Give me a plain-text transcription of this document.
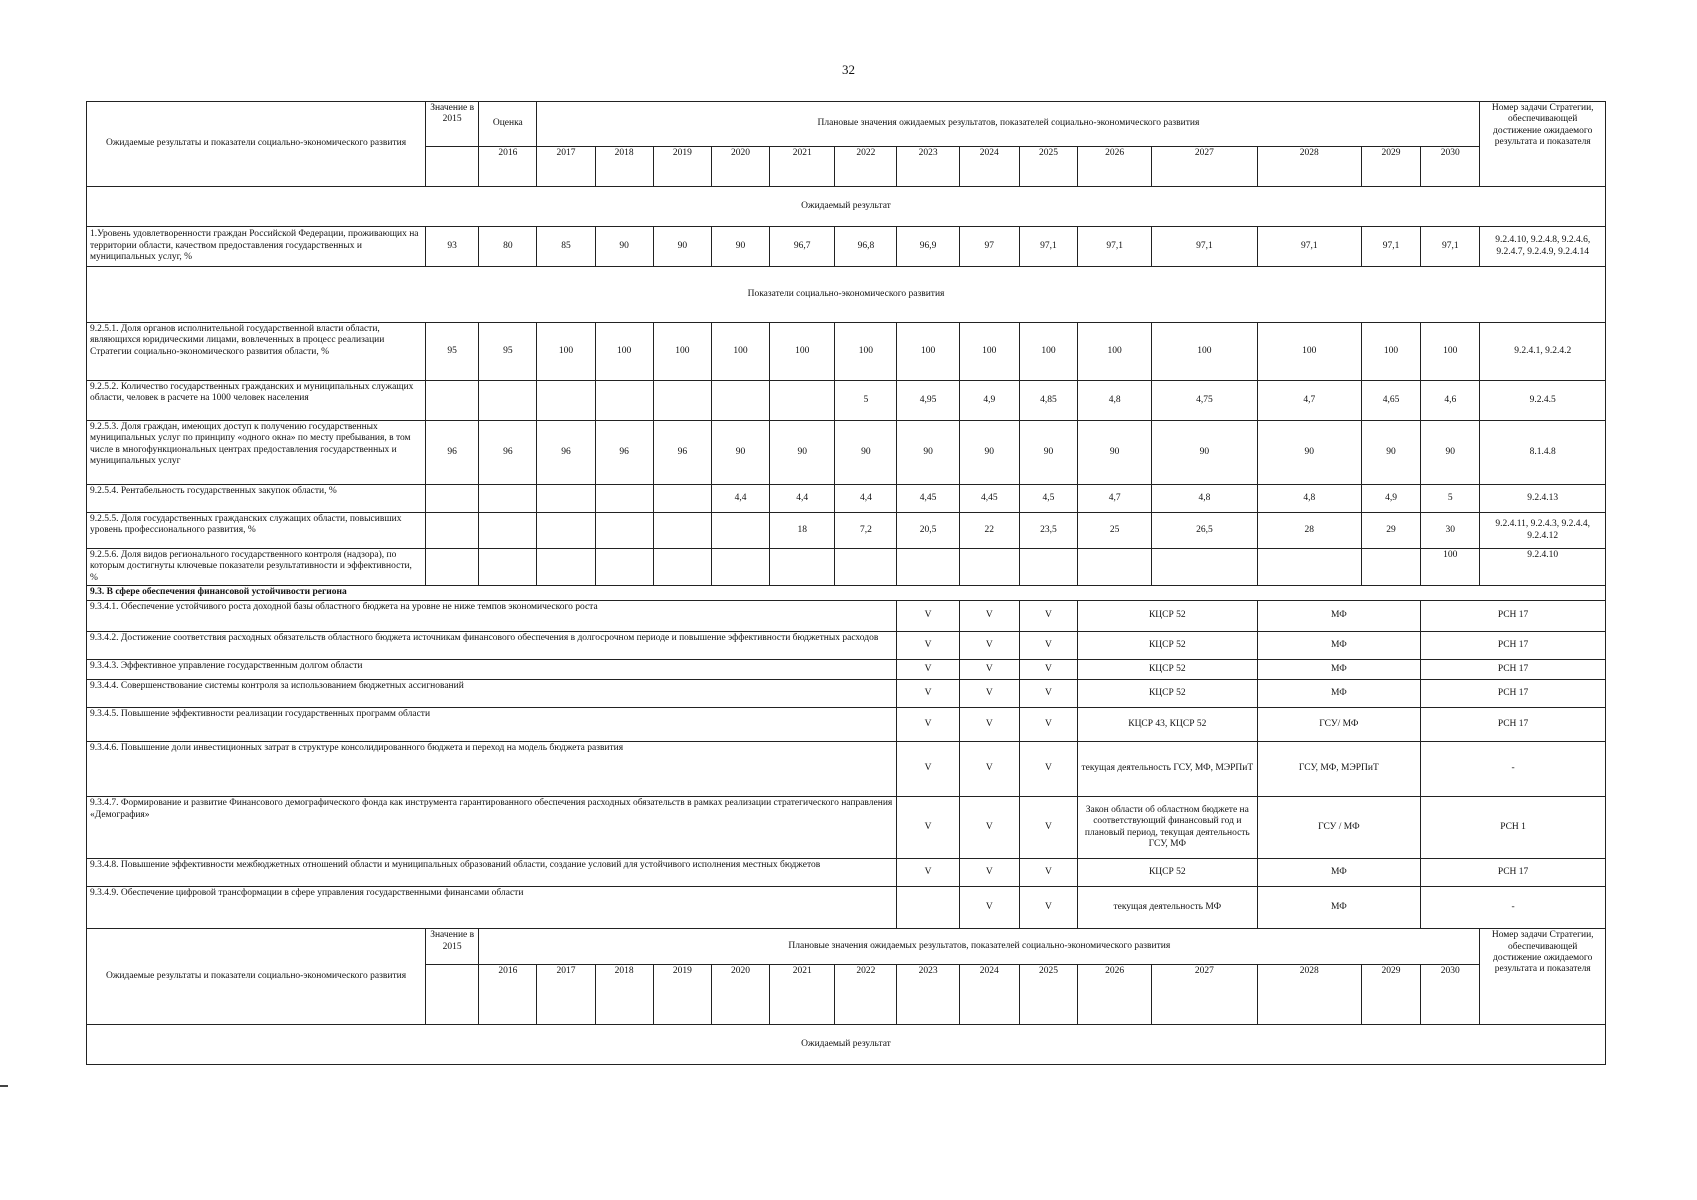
32
Ожидаемые результаты и показатели социально-экономического развития	Значение в 2015	Оценка	Плановые значения ожидаемых результатов, показателей социально-экономического развития														Номер задачи Стратегии, обеспечивающей достижение ожидаемого результата и показателя
		2016	2017	2018	2019	2020	2021	2022	2023	2024	2025	2026	2027	2028	2029	2030	
Ожидаемый результат																	
1.Уровень удовлетворенности граждан Российской Федерации, проживающих на территории области, качеством предоставления государственных и муниципальных услуг, %	93	80	85	90	90	90	96,7	96,8	96,9	97	97,1	97,1	97,1	97,1	97,1	97,1	9.2.4.10, 9.2.4.8, 9.2.4.6, 9.2.4.7, 9.2.4.9, 9.2.4.14
Показатели социально-экономического развития																	
9.2.5.1. Доля органов исполнительной государственной власти области, являющихся юридическими лицами, вовлеченных в процесс реализации Стратегии социально-экономического развития области, %	95	95	100	100	100	100	100	100	100	100	100	100	100	100	100	100	9.2.4.1, 9.2.4.2
9.2.5.2. Количество государственных гражданских и муниципальных служащих области, человек в расчете на 1000 человек населения								5	4,95	4,9	4,85	4,8	4,75	4,7	4,65	4,6	9.2.4.5
9.2.5.3. Доля граждан, имеющих доступ к получению государственных муниципальных услуг по принципу «одного окна» по месту пребывания, в том числе в многофункциональных центрах предоставления государственных и муниципальных услуг	96	96	96	96	96	90	90	90	90	90	90	90	90	90	90	90	8.1.4.8
9.2.5.4. Рентабельность государственных закупок области, %						4,4	4,4	4,4	4,45	4,45	4,5	4,7	4,8	4,8	4,9	5	9.2.4.13
9.2.5.5. Доля государственных гражданских служащих области, повысивших уровень профессионального развития, %							18	7,2	20,5	22	23,5	25	26,5	28	29	30	9.2.4.11, 9.2.4.3, 9.2.4.4, 9.2.4.12
9.2.5.6. Доля видов регионального государственного контроля (надзора), по которым достигнуты ключевые показатели результативности и эффективности, %																100	9.2.4.10
9.3. В сфере обеспечения финансовой устойчивости региона																	
9.3.4.1. Обеспечение устойчивого роста доходной базы областного бюджета на уровне не ниже темпов экономического роста									V	V	V	КЦСР 52		МФ		РСН 17	
9.3.4.2. Достижение соответствия расходных обязательств областного бюджета источникам финансового обеспечения в долгосрочном периоде и повышение эффективности бюджетных расходов									V	V	V	КЦСР 52		МФ		РСН 17	
9.3.4.3. Эффективное управление государственным долгом области									V	V	V	КЦСР 52		МФ		РСН 17	
9.3.4.4. Совершенствование системы контроля за использованием бюджетных ассигнований									V	V	V	КЦСР 52		МФ		РСН 17	
9.3.4.5. Повышение эффективности реализации государственных программ области									V	V	V	КЦСР 43, КЦСР 52		ГСУ/ МФ		РСН 17	
9.3.4.6. Повышение доли инвестиционных затрат в структуре консолидированного бюджета и переход на модель бюджета развития									V	V	V	текущая деятельность ГСУ, МФ, МЭРПиТ		ГСУ, МФ, МЭРПиТ		-	
9.3.4.7. Формирование и развитие Финансового демографического фонда как инструмента гарантированного обеспечения расходных обязательств в рамках реализации стратегического направления «Демография»									V	V	V	Закон области об областном бюджете на соответствующий финансовый год и плановый период, текущая деятельность ГСУ, МФ		ГСУ / МФ		РСН 1	
9.3.4.8. Повышение эффективности межбюджетных отношений области и муниципальных образований области, создание условий для устойчивого исполнения местных бюджетов									V	V	V	КЦСР 52		МФ		РСН 17	
9.3.4.9. Обеспечение цифровой трансформации в сфере управления государственными финансами области										V	V	текущая деятельность МФ		МФ		-	
Ожидаемые результаты и показатели социально-экономического развития	Значение в 2015	Плановые значения ожидаемых результатов, показателей социально-экономического развития															Номер задачи Стратегии, обеспечивающей достижение ожидаемого результата и показателя
		2016	2017	2018	2019	2020	2021	2022	2023	2024	2025	2026	2027	2028	2029	2030	
Ожидаемый результат																	
